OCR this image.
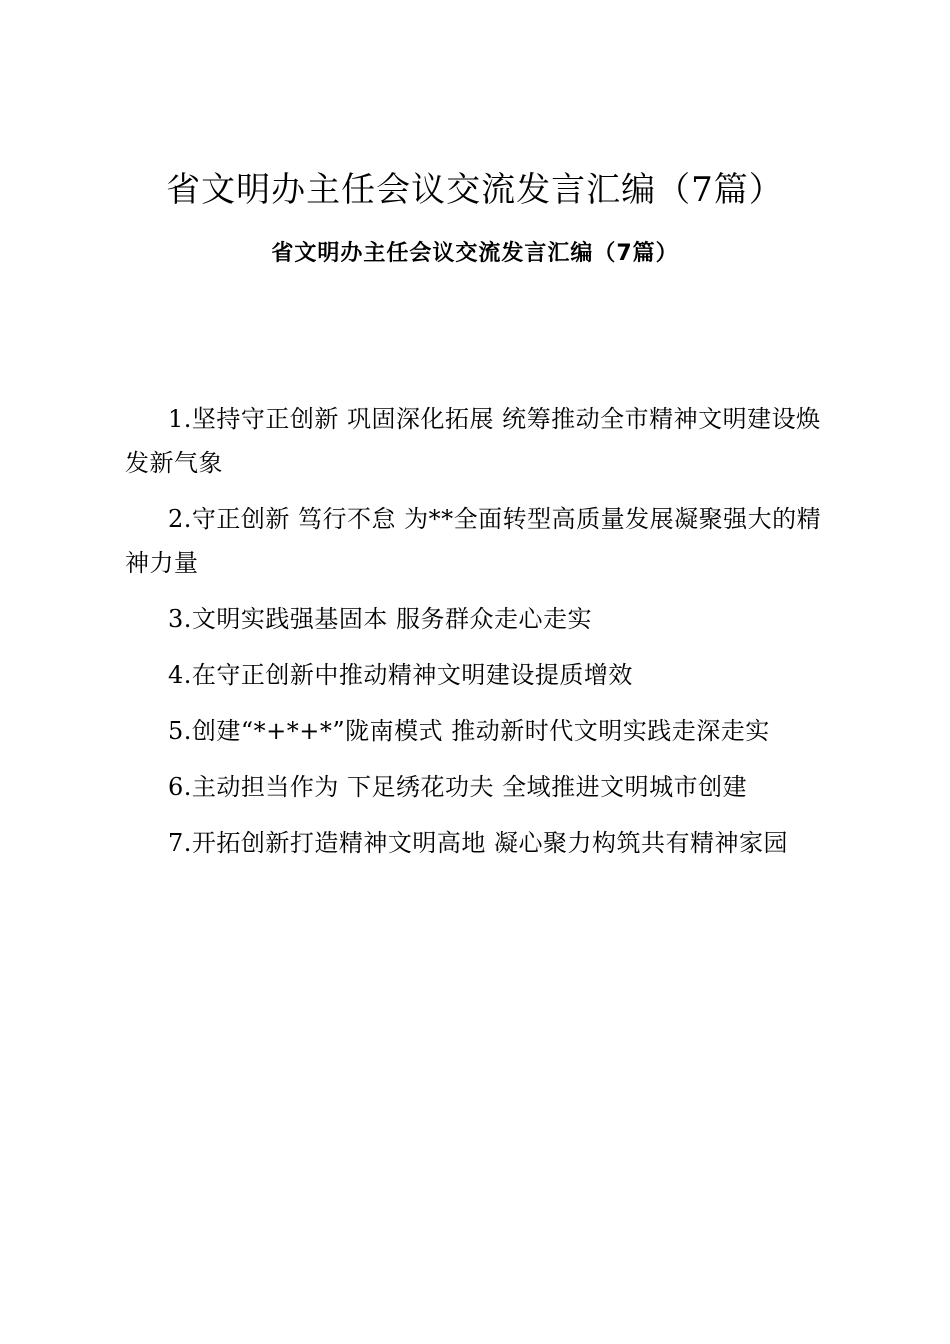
省文明办主任会议交流发言汇编（7篇）
省文明办主任会议交流发言汇编（7篇）
1.坚持守正创新 巩固深化拓展 统筹推动全市精神文明建设焕发新气象
2.守正创新 笃行不怠 为**全面转型高质量发展凝聚强大的精神力量
3.文明实践强基固本 服务群众走心走实
4.在守正创新中推动精神文明建设提质增效
5.创建“*+*+*”陇南模式 推动新时代文明实践走深走实
6.主动担当作为 下足绣花功夫 全域推进文明城市创建
7.开拓创新打造精神文明高地 凝心聚力构筑共有精神家园
